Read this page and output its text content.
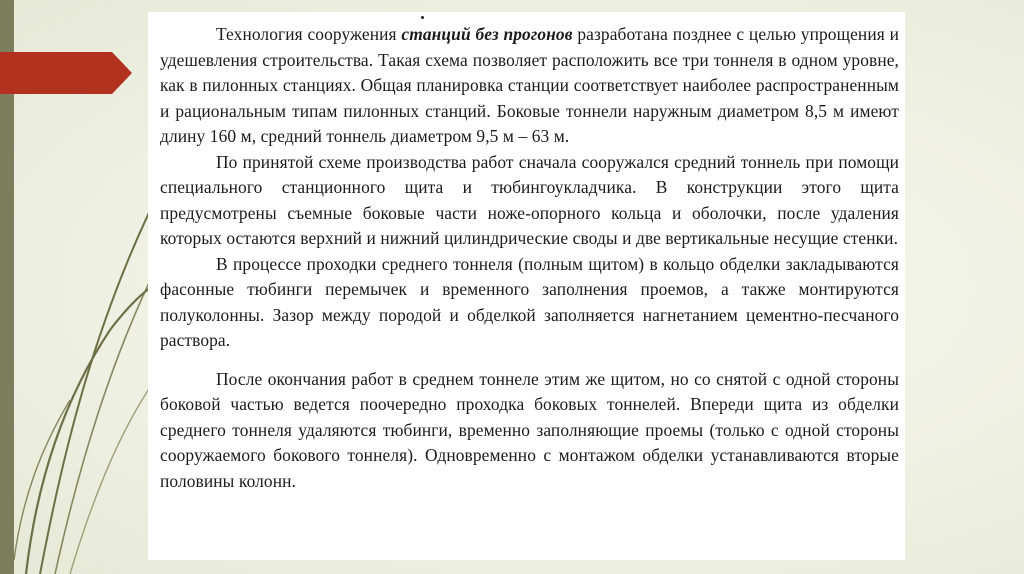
Технология сооружения станций без прогонов разработана позднее с целью упрощения и удешевления строительства. Такая схема позволяет расположить все три тоннеля в одном уровне, как в пилонных станциях. Общая планировка станции соответствует наиболее распространенным и рациональным типам пилонных станций. Боковые тоннели наружным диаметром 8,5 м имеют длину 160 м, средний тоннель диаметром 9,5 м – 63 м.

По принятой схеме производства работ сначала сооружался средний тоннель при помощи специального станционного щита и тюбингоукладчика. В конструкции этого щита предусмотрены съемные боковые части ноже-опорного кольца и оболочки, после удаления которых остаются верхний и нижний цилиндрические своды и две вертикальные несущие стенки.

В процессе проходки среднего тоннеля (полным щитом) в кольцо обделки закладываются фасонные тюбинги перемычек и временного заполнения проемов, а также монтируются полуколонны. Зазор между породой и обделкой заполняется нагнетанием цементно-песчаного раствора.

После окончания работ в среднем тоннеле этим же щитом, но со снятой с одной стороны боковой частью ведется поочередно проходка боковых тоннелей. Впереди щита из обделки среднего тоннеля удаляются тюбинги, временно заполняющие проемы (только с одной стороны сооружаемого бокового тоннеля). Одновременно с монтажом обделки устанавливаются вторые половины колонн.
